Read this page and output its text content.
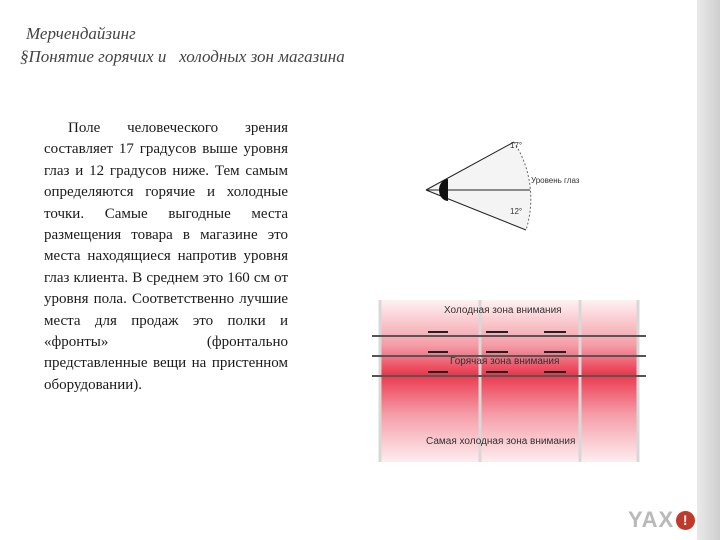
Мерчендайзинг
§Понятие горячих и   холодных зон магазина
Поле человеческого зрения составляет 17 градусов выше уровня глаз и 12 градусов ниже. Тем самым определяются горячие и холодные точки. Самые выгодные места размещения товара в магазине это места находящиеся напротив уровня глаз клиента. В среднем это 160 см от уровня пола. Соответственно лучшие места для продаж это полки и «фронты» (фронтально представленные вещи на пристенном оборудовании).
17°
12°
Уровень глаз
Холодная зона внимания
Горячая зона внимания
Самая холодная зона внимания
YAX !
